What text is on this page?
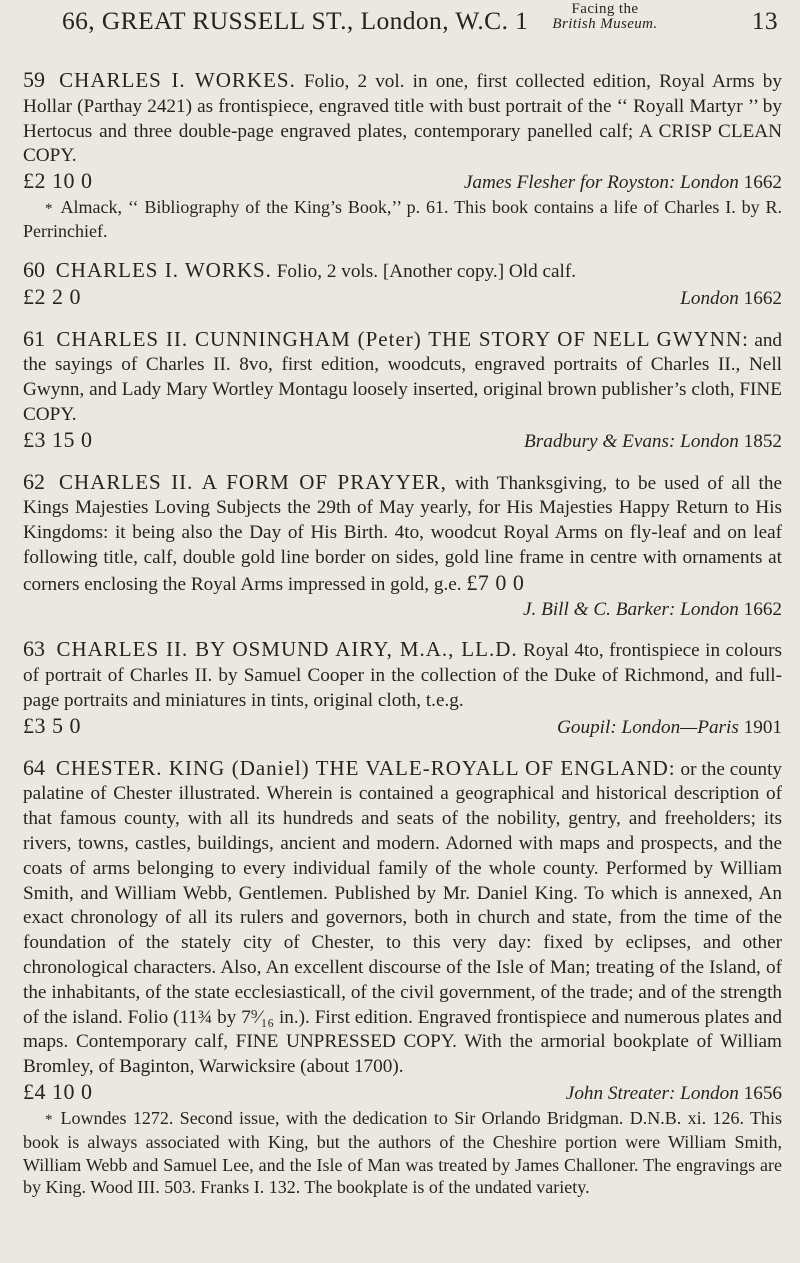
66, GREAT RUSSELL ST., London, W.C. 1	Facing the
British Museum.	13

59 CHARLES I. WORKES. Folio, 2 vol. in one, first collected edition, Royal Arms by Hollar (Parthay 2421) as frontispiece, engraved title with bust portrait of the ‘‘ Royall Martyr ’’ by Hertocus and three double-page engraved plates, contemporary panelled calf; A CRISP CLEAN COPY.

£2 10 0	James Flesher for Royston: London 1662

* Almack, ‘‘ Bibliography of the King’s Book,’’ p. 61. This book contains a life of Charles I. by R. Perrinchief.

60 CHARLES I. WORKS. Folio, 2 vols. [Another copy.] Old calf.

£2 2 0	London 1662

61 CHARLES II. CUNNINGHAM (Peter) THE STORY OF NELL GWYNN: and the sayings of Charles II. 8vo, first edition, woodcuts, engraved portraits of Charles II., Nell Gwynn, and Lady Mary Wortley Montagu loosely inserted, original brown publisher’s cloth, FINE COPY.

£3 15 0	Bradbury & Evans: London 1852

62 CHARLES II. A FORM OF PRAYYER, with Thanksgiving, to be used of all the Kings Majesties Loving Subjects the 29th of May yearly, for His Majesties Happy Return to His Kingdoms: it being also the Day of His Birth. 4to, woodcut Royal Arms on fly-leaf and on leaf following title, calf, double gold line border on sides, gold line frame in centre with ornaments at corners enclosing the Royal Arms impressed in gold, g.e. £7 0 0

J. Bill & C. Barker: London 1662

63 CHARLES II. BY OSMUND AIRY, M.A., LL.D. Royal 4to, frontispiece in colours of portrait of Charles II. by Samuel Cooper in the collection of the Duke of Richmond, and full-page portraits and miniatures in tints, original cloth, t.e.g.

£3 5 0	Goupil: London—Paris 1901

64 CHESTER. KING (Daniel) THE VALE-ROYALL OF ENGLAND: or the county palatine of Chester illustrated. Wherein is contained a geographical and historical description of that famous county, with all its hundreds and seats of the nobility, gentry, and freeholders; its rivers, towns, castles, buildings, ancient and modern. Adorned with maps and prospects, and the coats of arms belonging to every individual family of the whole county. Performed by William Smith, and William Webb, Gentlemen. Published by Mr. Daniel King. To which is annexed, An exact chronology of all its rulers and governors, both in church and state, from the time of the foundation of the stately city of Chester, to this very day: fixed by eclipses, and other chronological characters. Also, An excellent discourse of the Isle of Man; treating of the Island, of the inhabitants, of the state ecclesiasticall, of the civil government, of the trade; and of the strength of the island. Folio (11¾ by 7⁹⁄₁₆ in.). First edition. Engraved frontispiece and numerous plates and maps. Contemporary calf, FINE UNPRESSED COPY. With the armorial bookplate of William Bromley, of Baginton, Warwicksire (about 1700).

£4 10 0	John Streater: London 1656

* Lowndes 1272. Second issue, with the dedication to Sir Orlando Bridgman. D.N.B. xi. 126. This book is always associated with King, but the authors of the Cheshire portion were William Smith, William Webb and Samuel Lee, and the Isle of Man was treated by James Challoner. The engravings are by King. Wood III. 503. Franks I. 132. The bookplate is of the undated variety.
